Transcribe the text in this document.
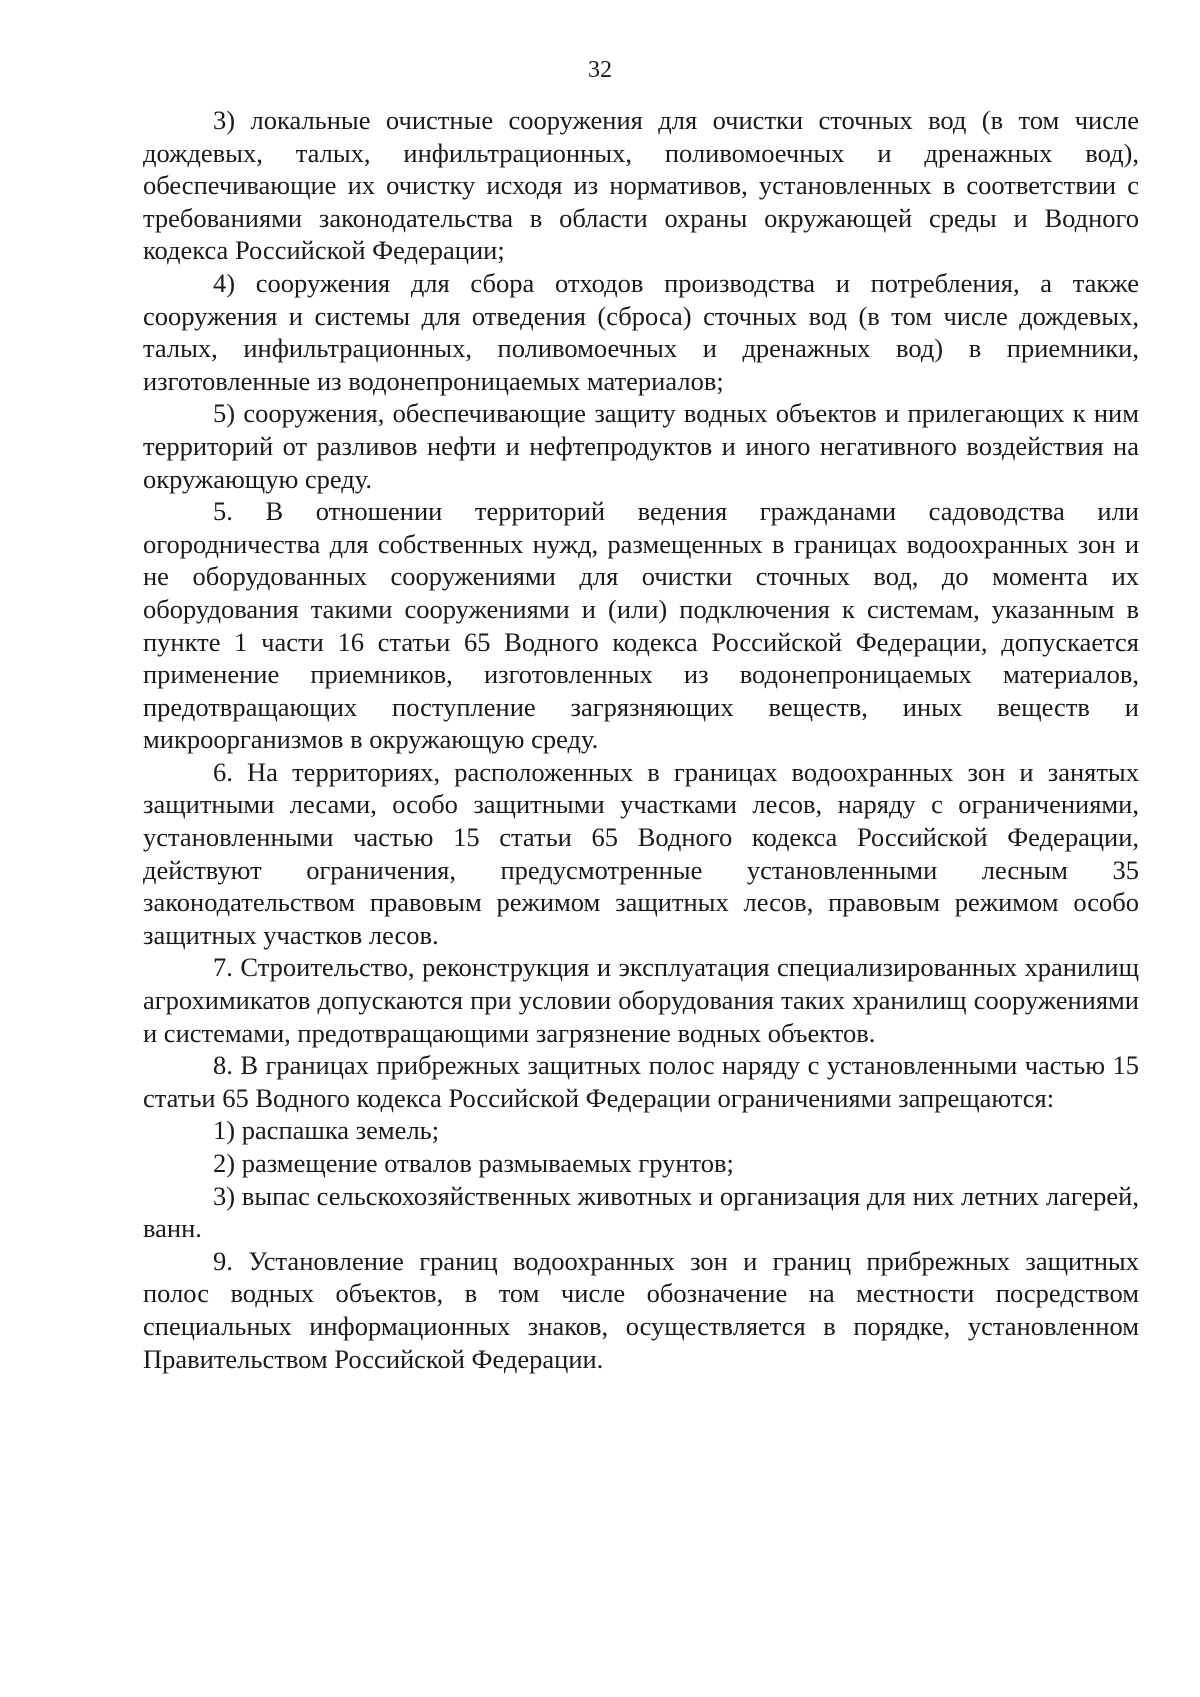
32

3) локальные очистные сооружения для очистки сточных вод (в том числе дождевых, талых, инфильтрационных, поливомоечных и дренажных вод), обеспечивающие их очистку исходя из нормативов, установленных в соответствии с требованиями законодательства в области охраны окружающей среды и Водного кодекса Российской Федерации;

4) сооружения для сбора отходов производства и потребления, а также сооружения и системы для отведения (сброса) сточных вод (в том числе дождевых, талых, инфильтрационных, поливомоечных и дренажных вод) в приемники, изготовленные из водонепроницаемых материалов;

5) сооружения, обеспечивающие защиту водных объектов и прилегающих к ним территорий от разливов нефти и нефтепродуктов и иного негативного воздействия на окружающую среду.

5. В отношении территорий ведения гражданами садоводства или огородничества для собственных нужд, размещенных в границах водоохранных зон и не оборудованных сооружениями для очистки сточных вод, до момента их оборудования такими сооружениями и (или) подключения к системам, указанным в пункте 1 части 16 статьи 65 Водного кодекса Российской Федерации, допускается применение приемников, изготовленных из водонепроницаемых материалов, предотвращающих поступление загрязняющих веществ, иных веществ и микроорганизмов в окружающую среду.

6. На территориях, расположенных в границах водоохранных зон и занятых защитными лесами, особо защитными участками лесов, наряду с ограничениями, установленными частью 15 статьи 65 Водного кодекса Российской Федерации, действуют ограничения, предусмотренные установленными лесным 35 законодательством правовым режимом защитных лесов, правовым режимом особо защитных участков лесов.

7. Строительство, реконструкция и эксплуатация специализированных хранилищ агрохимикатов допускаются при условии оборудования таких хранилищ сооружениями и системами, предотвращающими загрязнение водных объектов.

8. В границах прибрежных защитных полос наряду с установленными частью 15 статьи 65 Водного кодекса Российской Федерации ограничениями запрещаются:

1) распашка земель;

2) размещение отвалов размываемых грунтов;

3) выпас сельскохозяйственных животных и организация для них летних лагерей, ванн.

9. Установление границ водоохранных зон и границ прибрежных защитных полос водных объектов, в том числе обозначение на местности посредством специальных информационных знаков, осуществляется в порядке, установленном Правительством Российской Федерации.
